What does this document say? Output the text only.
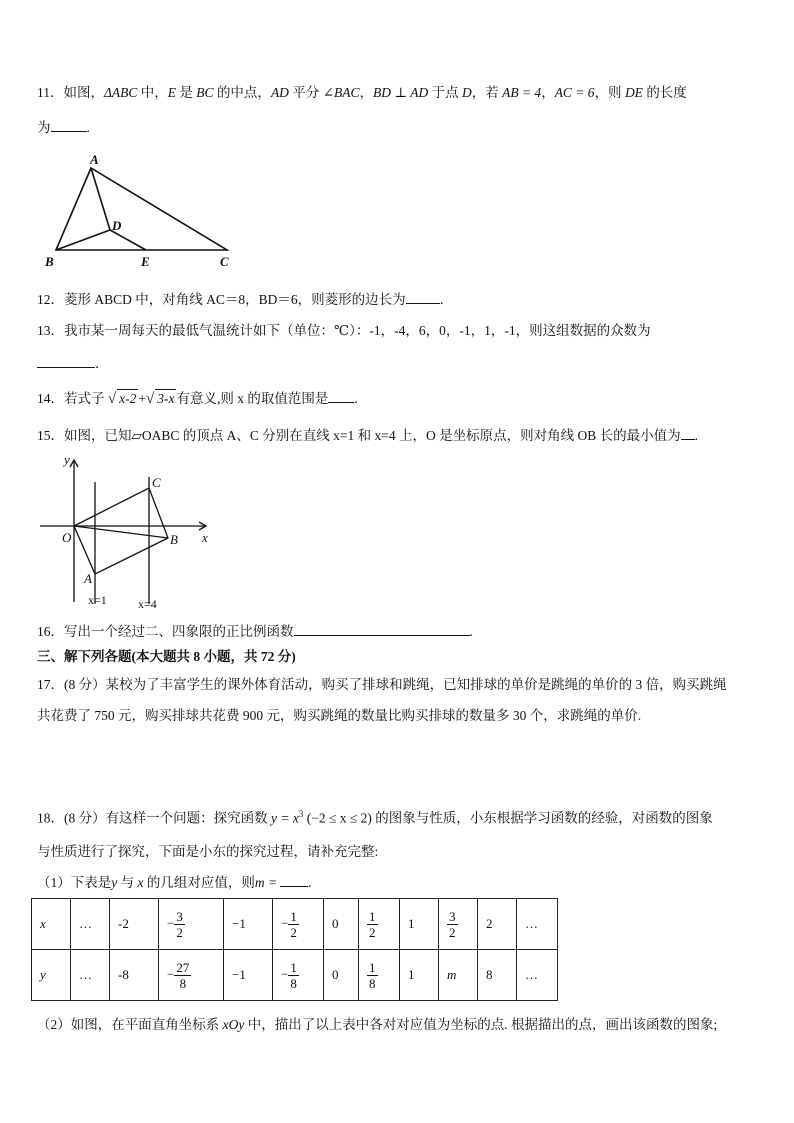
11．如图，ΔABC 中，E 是 BC 的中点，AD 平分 ∠BAC，BD ⊥ AD 于点 D，若 AB = 4，AC = 6，则 DE 的长度
为	.
A
D
B	E	C
12．菱形 ABCD 中，对角线 AC＝8，BD＝6，则菱形的边长为	．
13．我市某一周每天的最低气温统计如下（单位：℃）：-1，-4，6，0，-1，1，-1，则这组数据的众数为
．
14．若式子 √ x-2 +√ 3-x 有意义,则 x 的取值范围是 .
15．如图，已知▱OABC 的顶点 A、C 分别在直线 x=1 和 x=4 上，O 是坐标原点，则对角线 OB 长的最小值为 .
y
x
O
A
B
C
x=1	x=4
16．写出一个经过二、四象限的正比例函数	.
三、解下列各题(本大题共 8 小题，共 72 分)
17．(8 分）某校为了丰富学生的课外体育活动，购买了排球和跳绳，已知排球的单价是跳绳的单价的 3 倍，购买跳绳
共花费了 750 元，购买排球共花费 900 元，购买跳绳的数量比购买排球的数量多 30 个，求跳绳的单价.
18．(8 分）有这样一个问题：探究函数 $y = x^3$ (−2 ≤ x ≤ 2) 的图象与性质，小东根据学习函数的经验，对函数的图象
与性质进行了探究，下面是小东的探究过程，请补充完整:
（1）下表是y 与 x 的几组对应值，则m = .
x	…	-2	− $\frac{3}{2}$	−1	− $\frac{1}{2}$	0	$\frac{1}{2}$	1	$\frac{3}{2}$	2	…
y	…	-8	− $\frac{27}{8}$	−1	− $\frac{1}{8}$	0	$\frac{1}{8}$	1	m	8	…
（2）如图，在平面直角坐标系 xOy 中，描出了以上表中各对对应值为坐标的点. 根据描出的点，画出该函数的图象;
